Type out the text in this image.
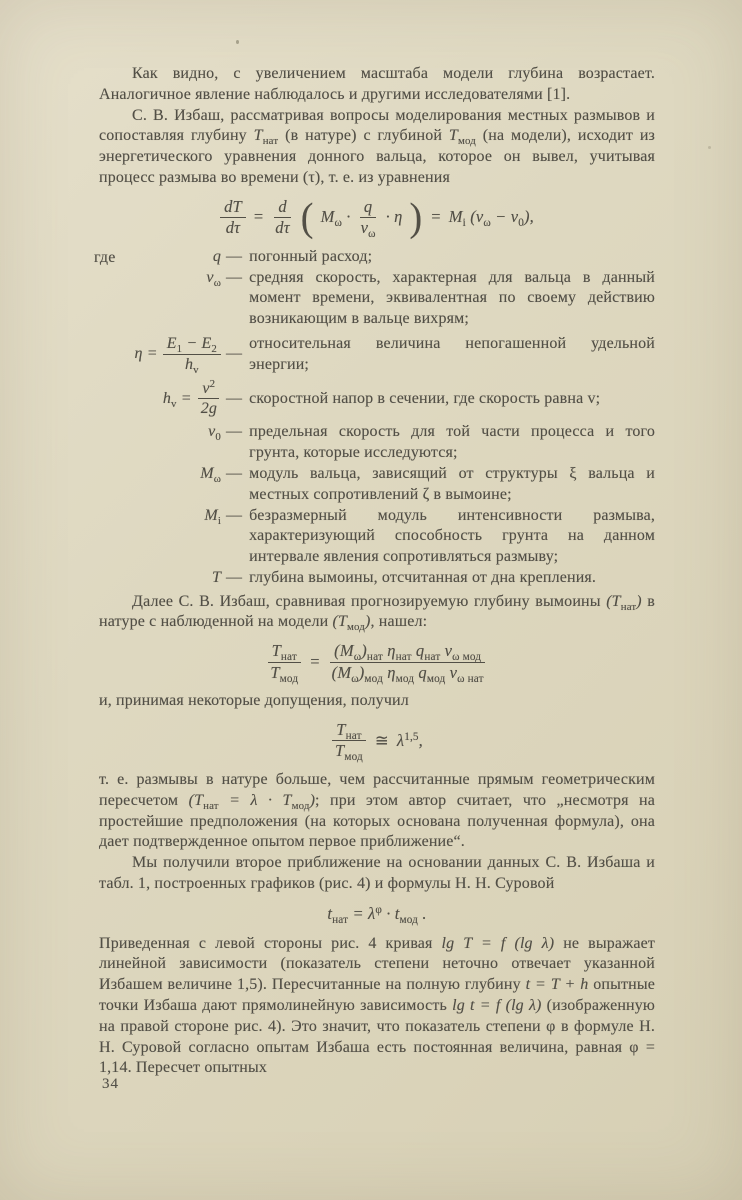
Как видно, с увеличением масштаба модели глубина возрастает. Аналогичное явление наблюдалось и другими исследователями [1].

С. В. Избаш, рассматривая вопросы моделирования местных размывов и сопоставляя глубину $T_{нат}$ (в натуре) с глубиной $T_{мод}$ (на модели), исходит из энергетического уравнения донного вальца, которое он вывел, учитывая процесс размыва во времени (τ), т. е. из уравнения

$\frac{dT}{d\tau} = \frac{d}{d\tau}$ ( $M_\omega \cdot \frac{q}{v_\omega} \cdot \eta$ ) = $M_i$ $(v_\omega - v_0)$,
где	q — погонный расход;
$v_\omega$ — средняя скорость, характерная для вальца в данный момент времени, эквивалентная по своему действию возникающим в вальце вихрям;
$\eta = \frac{E_1 - E_2}{h_v}$ —
относительная величина непогашенной удельной энергии;
$h_v = \frac{v^2}{2g}$ — скоростной напор в сечении, где скорость равна v;
$v_0$ — предельная скорость для той части процесса и того грунта, которые исследуются;
$M_\omega$ — модуль вальца, зависящий от структуры ξ вальца и местных сопротивлений ζ в вымоине;
$M_i$ — безразмерный модуль интенсивности размыва, характеризующий способность грунта на данном интервале явления сопротивляться размыву;
T — глубина вымоины, отсчитанная от дна крепления.

Далее С. В. Избаш, сравнивая прогнозируемую глубину вымоины $(T_{нат})$ в натуре с наблюденной на модели $(T_{мод})$, нашел:

$\frac{T_{нат}}{T_{мод}} = \frac{(M_\omega)_{нат} \eta_{нат} q_{нат} v_{\omega мод}}{(M_\omega)_{мод} \eta_{мод} q_{мод} v_{\omega нат}}$

и, принимая некоторые допущения, получил

$\frac{T_{нат}}{T_{мод}}$ ≅ $\lambda^{1,5}$,

т. е. размывы в натуре больше, чем рассчитанные прямым геометрическим пересчетом $(T_{нат} = \lambda \cdot T_{мод})$; при этом автор считает, что „несмотря на простейшие предположения (на которых основана полученная формула), она дает подтвержденное опытом первое приближение“.

Мы получили второе приближение на основании данных С. В. Избаша и табл. 1, построенных графиков (рис. 4) и формулы Н. Н. Суровой

$t_{нат} = \lambda^\varphi \cdot t_{мод}$ .

Приведенная с левой стороны рис. 4 кривая lg T = f (lg λ) не выражает линейной зависимости (показатель степени неточно отвечает указанной Избашем величине 1,5). Пересчитанные на полную глубину t = T + h опытные точки Избаша дают прямолинейную зависимость lg t = f (lg λ) (изображенную на правой стороне рис. 4). Это значит, что показатель степени φ в формуле Н. Н. Суровой согласно опытам Избаша есть постоянная величина, равная φ = 1,14. Пересчет опытных

34
